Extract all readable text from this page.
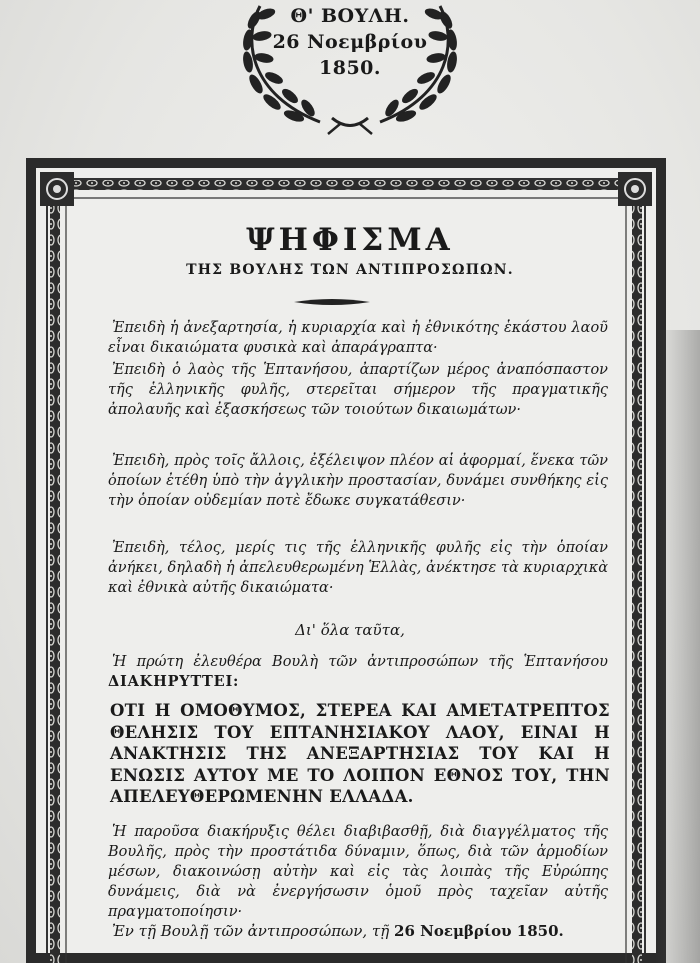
Θ' ΒΟΥΛΗ.
26 Νοεμβρίου
1850.
ΨΗΦΙΣΜΑ
ΤΗΣ ΒΟΥΛΗΣ ΤΩΝ ΑΝΤΙΠΡΟΣΩΠΩΝ.
Ἐπειδὴ ἡ ἀνεξαρτησία, ἡ κυριαρχία καὶ ἡ ἐθνικότης ἑκάστου λαοῦ εἶναι δικαιώματα φυσικὰ καὶ ἀπαράγραπτα·
Ἐπειδὴ ὁ λαὸς τῆς Ἑπτανήσου, ἀπαρτίζων μέρος ἀναπόσπαστον τῆς ἑλληνικῆς φυλῆς, στερεῖται σήμερον τῆς πραγματικῆς ἀπολαυῆς καὶ ἐξασκήσεως τῶν τοιούτων δικαιωμάτων·
Ἐπειδὴ, πρὸς τοῖς ἄλλοις, ἐξέλειψον πλέον αἱ ἀφορμαί, ἕνεκα τῶν ὁποίων ἐτέθη ὑπὸ τὴν ἀγγλικὴν προστασίαν, δυνάμει συνθήκης εἰς τὴν ὁποίαν οὐδεμίαν ποτὲ ἔδωκε συγκατάθεσιν·
Ἐπειδὴ, τέλος, μερίς τις τῆς ἑλληνικῆς φυλῆς εἰς τὴν ὁποίαν ἀνήκει, δηλαδὴ ἡ ἀπελευθερωμένη Ἑλλὰς, ἀνέκτησε τὰ κυριαρχικὰ καὶ ἐθνικὰ αὐτῆς δικαιώματα·
Δι' ὅλα ταῦτα,
Ἡ πρώτη ἐλευθέρα Βουλὴ τῶν ἀντιπροσώπων τῆς Ἑπτανήσου ΔΙΑΚΗΡΥΤΤΕΙ:
ΟΤΙ Η ΟΜΟΘΥΜΟΣ, ΣΤΕΡΕΑ ΚΑΙ ΑΜΕΤΑΤΡΕΠΤΟΣ ΘΕΛΗΣΙΣ ΤΟΥ ΕΠΤΑΝΗΣΙΑΚΟΥ ΛΑΟΥ, ΕΙΝΑΙ Η ΑΝΑΚΤΗΣΙΣ ΤΗΣ ΑΝΕΞΑΡΤΗΣΙΑΣ ΤΟΥ ΚΑΙ Η ΕΝΩΣΙΣ ΑΥΤΟΥ ΜΕ ΤΟ ΛΟΙΠΟΝ ΕΘΝΟΣ ΤΟΥ, ΤΗΝ ΑΠΕΛΕΥΘΕΡΩΜΕΝΗΝ ΕΛΛΑΔΑ.
Ἡ παροῦσα διακήρυξις θέλει διαβιβασθῇ, διὰ διαγγέλματος τῆς Βουλῆς, πρὸς τὴν προστάτιδα δύναμιν, ὅπως, διὰ τῶν ἁρμοδίων μέσων, διακοινώσῃ αὐτὴν καὶ εἰς τὰς λοιπὰς τῆς Εὐρώπης δυνάμεις, διὰ νὰ ἐνεργήσωσιν ὁμοῦ πρὸς ταχεῖαν αὐτῆς πραγματοποίησιν·
Ἐν τῇ Βουλῇ τῶν ἀντιπροσώπων, τῇ 26 Νοεμβρίου 1850.
